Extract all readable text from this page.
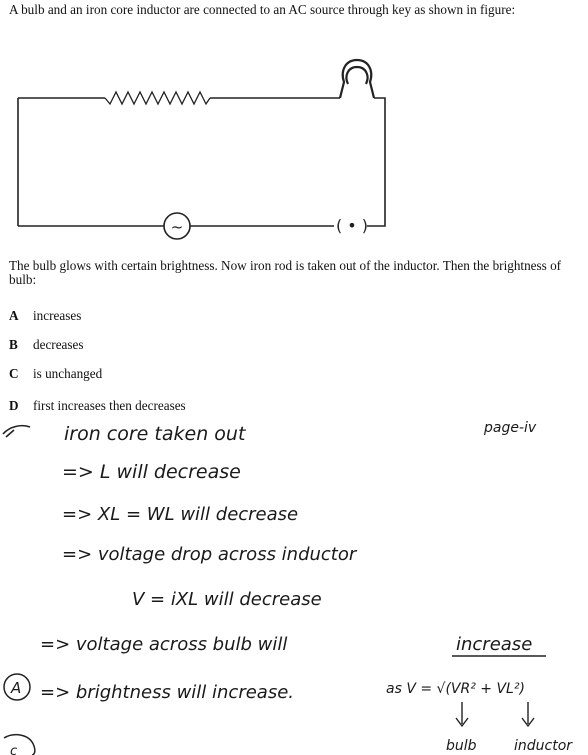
A bulb and an iron core inductor are connected to an AC source through key as shown in figure:
~	( • )
The bulb glows with certain brightness. Now iron rod is taken out of the inductor. Then the brightness of bulb:
A increases
B decreases
C is unchanged
D first increases then decreases
page-iv
iron core taken out
=> L will decrease
=> XL = WL will decrease
=> voltage drop across inductor
V = iXL will decrease
=> voltage across bulb will	increase
A => brightness will increase.	as V = √(VR² + VL²)
bulb	inductor
c
